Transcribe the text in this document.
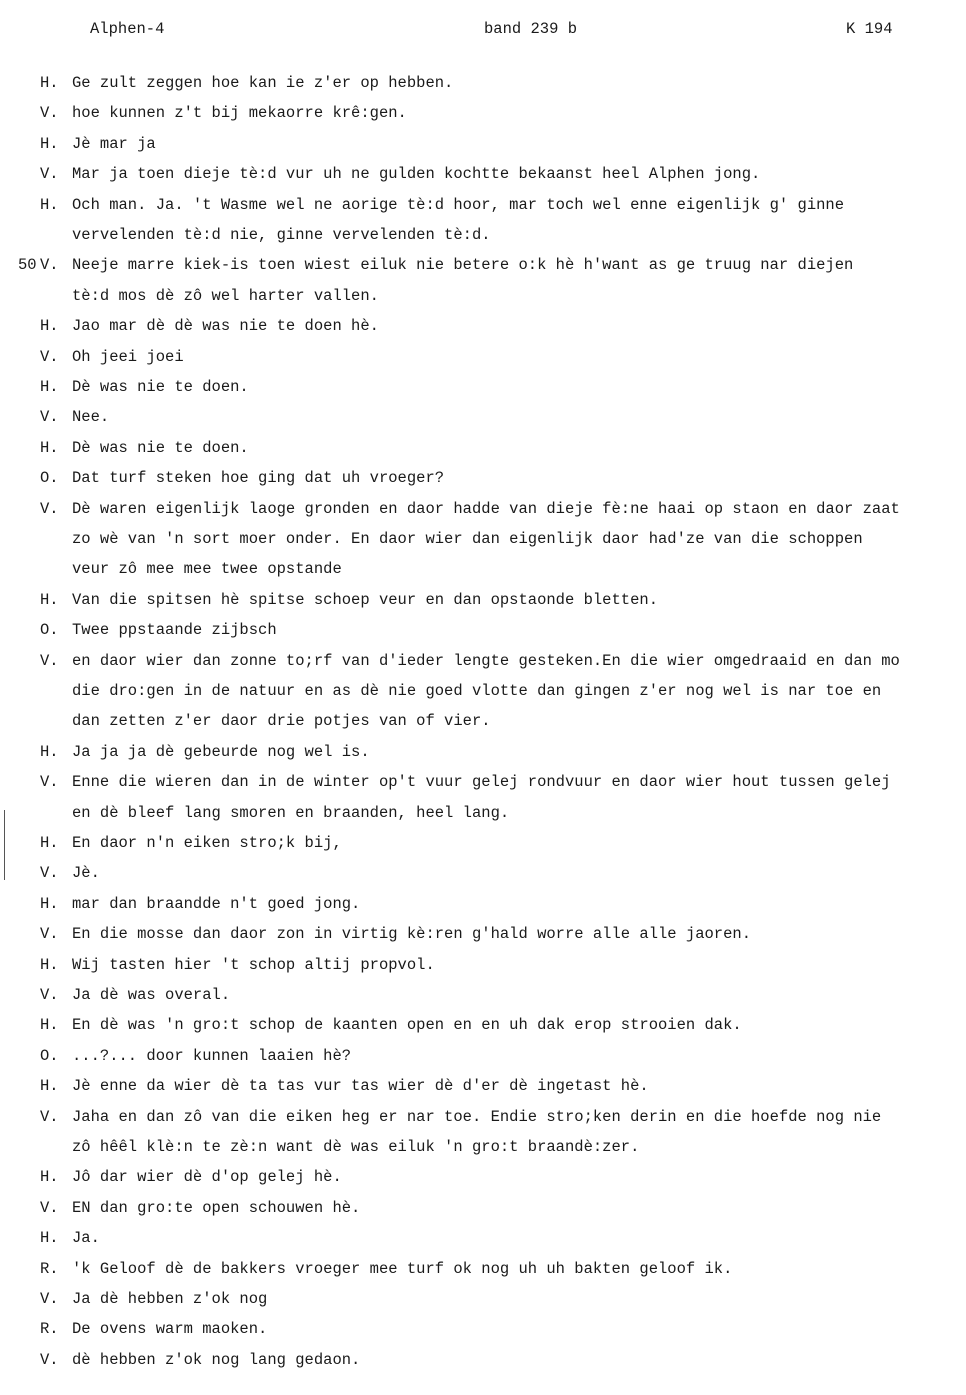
Alphen-4	band 239 b	K 194
50
H. Ge zult zeggen hoe kan ie z'er op hebben.
V. hoe kunnen z't bij mekaorre krê:gen.
H. Jè mar ja
V. Mar ja toen dieje tè:d vur uh ne gulden kochtte bekaanst heel Alphen jong.
H. Och man. Ja. 't Wasme wel ne aorige tè:d hoor, mar toch wel enne eigenlijk g' ginne
vervelenden tè:d nie, ginne vervelenden tè:d.
V. Neeje marre kiek-is toen wiest eiluk nie betere o:k hè h'want as ge truug nar diejen
tè:d mos dè zô wel harter vallen.
H. Jao mar dè dè was nie te doen hè.
V. Oh jeei joei
H. Dè was nie te doen.
V. Nee.
H. Dè was nie te doen.
O. Dat turf steken hoe ging dat uh vroeger?
V. Dè waren eigenlijk laoge gronden en daor hadde van dieje fè:ne haai op staon en daor zaat
zo wè van 'n sort moer onder. En daor wier dan eigenlijk daor had'ze van die schoppen
veur zô mee mee twee opstande
H. Van die spitsen hè spitse schoep veur en dan opstaonde bletten.
O. Twee ppstaande zijbsch
V. en daor wier dan zonne to;rf van d'ieder lengte gesteken.En die wier omgedraaid en dan mo
die dro:gen in de natuur en as dè nie goed vlotte dan gingen z'er nog wel is nar toe en
dan zetten z'er daor drie potjes van of vier.
H. Ja ja ja dè gebeurde nog wel is.
V. Enne die wieren dan in de winter op't vuur gelej rondvuur en daor wier hout tussen gelej
en dè bleef lang smoren en braanden, heel lang.
H. En daor n'n eiken stro;k bij,
V. Jè.
H. mar dan braandde n't goed jong.
V. En die mosse dan daor zon in virtig kè:ren g'hald worre alle alle jaoren.
H. Wij tasten hier 't schop altij propvol.
V. Ja dè was overal.
H. En dè was 'n gro:t schop de kaanten open en en uh dak erop strooien dak.
O. ...?... door kunnen laaien hè?
H. Jè enne da wier dè ta tas vur tas wier dè d'er dè ingetast hè.
V. Jaha en dan zô van die eiken heg er nar toe. Endie stro;ken derin en die hoefde nog nie
zô hêêl klè:n te zè:n want dè was eiluk 'n gro:t braandè:zer.
H. Jô dar wier dè d'op gelej hè.
V. EN dan gro:te open schouwen hè.
H. Ja.
R. 'k Geloof dè de bakkers vroeger mee turf ok nog uh uh bakten geloof ik.
V. Ja dè hebben z'ok nog
R. De ovens warm maoken.
V. dè hebben z'ok nog lang gedaon.
